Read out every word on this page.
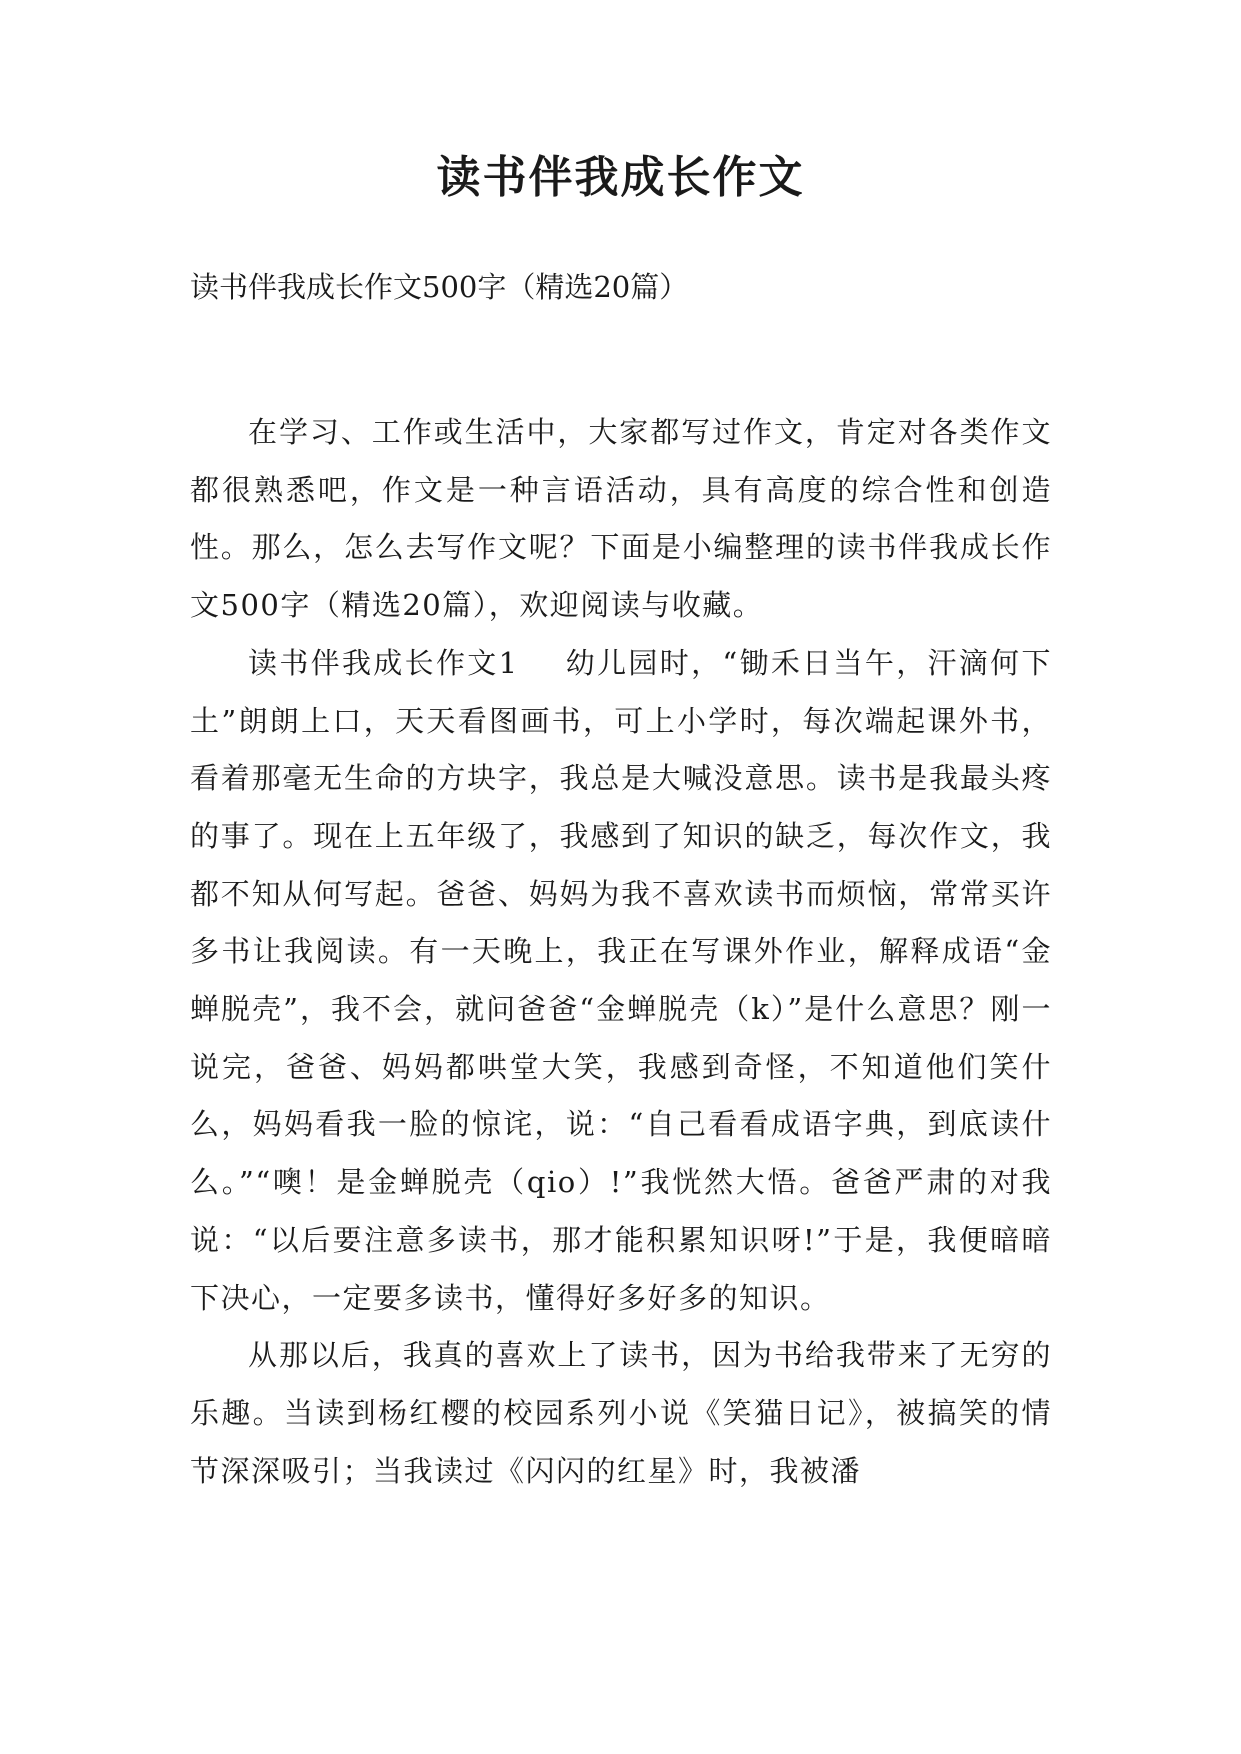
读书伴我成长作文

读书伴我成长作文500字（精选20篇）

在学习、工作或生活中，大家都写过作文，肯定对各类作文都很熟悉吧，作文是一种言语活动，具有高度的综合性和创造性。那么，怎么去写作文呢？下面是小编整理的读书伴我成长作文500字（精选20篇），欢迎阅读与收藏。

读书伴我成长作文1 幼儿园时，“锄禾日当午，汗滴何下土”朗朗上口，天天看图画书，可上小学时，每次端起课外书，看着那毫无生命的方块字，我总是大喊没意思。读书是我最头疼的事了。现在上五年级了，我感到了知识的缺乏，每次作文，我都不知从何写起。爸爸、妈妈为我不喜欢读书而烦恼，常常买许多书让我阅读。有一天晚上，我正在写课外作业，解释成语“金蝉脱壳”，我不会，就问爸爸“金蝉脱壳（k）”是什么意思？刚一说完，爸爸、妈妈都哄堂大笑，我感到奇怪，不知道他们笑什么，妈妈看我一脸的惊诧，说：“自己看看成语字典，到底读什么。”“噢！是金蝉脱壳（qio）!”我恍然大悟。爸爸严肃的对我说：“以后要注意多读书，那才能积累知识呀!”于是，我便暗暗下决心，一定要多读书，懂得好多好多的知识。

从那以后，我真的喜欢上了读书，因为书给我带来了无穷的乐趣。当读到杨红樱的校园系列小说《笑猫日记》，被搞笑的情节深深吸引；当我读过《闪闪的红星》时，我被潘
